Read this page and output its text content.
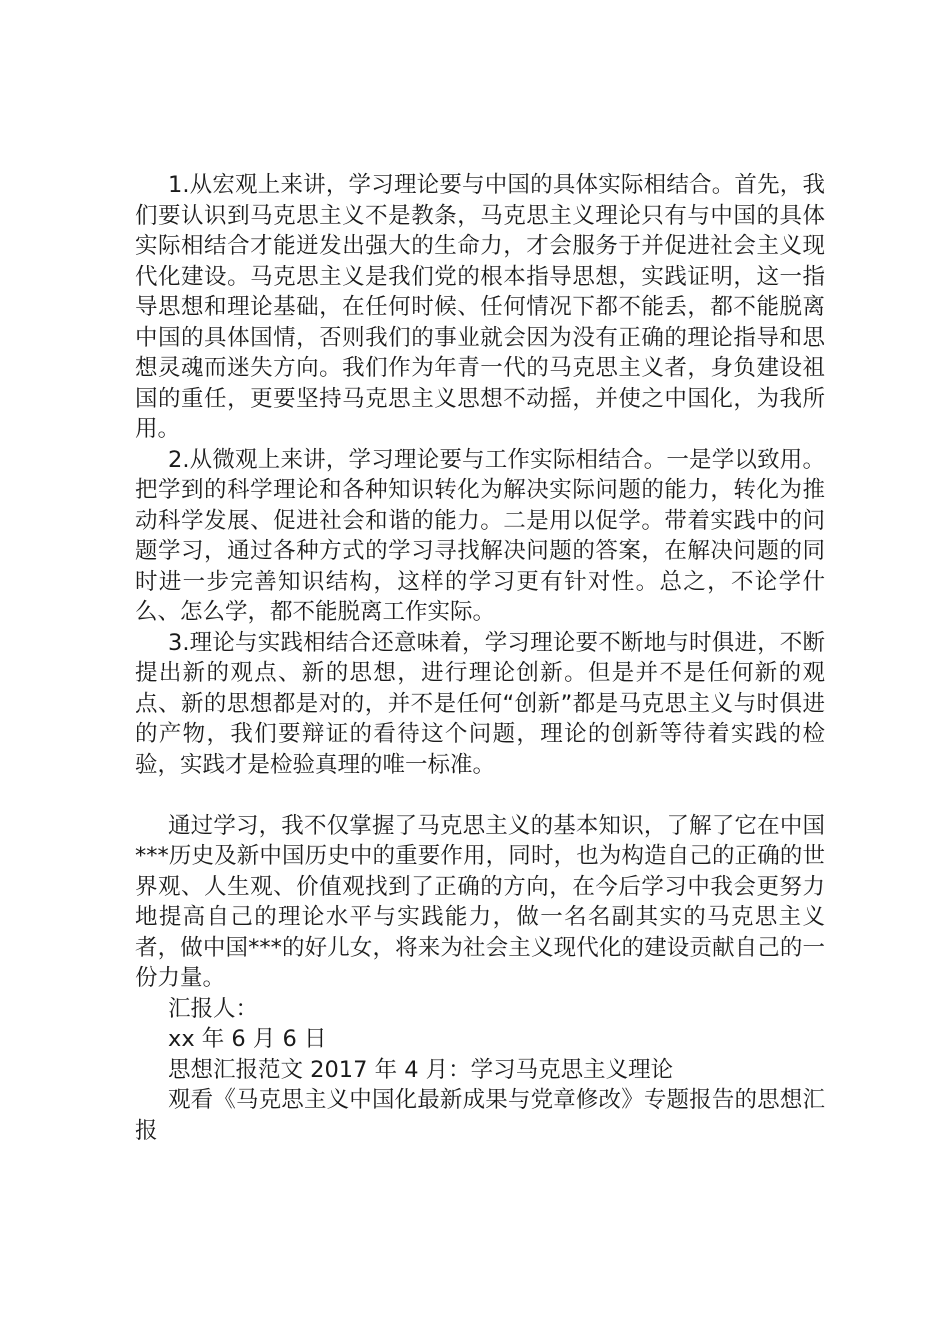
1.从宏观上来讲，学习理论要与中国的具体实际相结合。首先，我们要认识到马克思主义不是教条，马克思主义理论只有与中国的具体实际相结合才能迸发出强大的生命力，才会服务于并促进社会主义现代化建设。马克思主义是我们党的根本指导思想，实践证明，这一指导思想和理论基础，在任何时候、任何情况下都不能丢，都不能脱离中国的具体国情，否则我们的事业就会因为没有正确的理论指导和思想灵魂而迷失方向。我们作为年青一代的马克思主义者，身负建设祖国的重任，更要坚持马克思主义思想不动摇，并使之中国化，为我所用。

2.从微观上来讲，学习理论要与工作实际相结合。一是学以致用。把学到的科学理论和各种知识转化为解决实际问题的能力，转化为推动科学发展、促进社会和谐的能力。二是用以促学。带着实践中的问题学习，通过各种方式的学习寻找解决问题的答案，在解决问题的同时进一步完善知识结构，这样的学习更有针对性。总之，不论学什么、怎么学，都不能脱离工作实际。

3.理论与实践相结合还意味着，学习理论要不断地与时俱进，不断提出新的观点、新的思想，进行理论创新。但是并不是任何新的观点、新的思想都是对的，并不是任何“创新”都是马克思主义与时俱进的产物，我们要辩证的看待这个问题，理论的创新等待着实践的检验，实践才是检验真理的唯一标准。

通过学习，我不仅掌握了马克思主义的基本知识，了解了它在中国***历史及新中国历史中的重要作用，同时，也为构造自己的正确的世界观、人生观、价值观找到了正确的方向，在今后学习中我会更努力地提高自己的理论水平与实践能力，做一名名副其实的马克思主义者，做中国***的好儿女，将来为社会主义现代化的建设贡献自己的一份力量。

汇报人：

xx 年 6 月 6 日

思想汇报范文 2017 年 4 月：学习马克思主义理论

观看《马克思主义中国化最新成果与党章修改》专题报告的思想汇报
